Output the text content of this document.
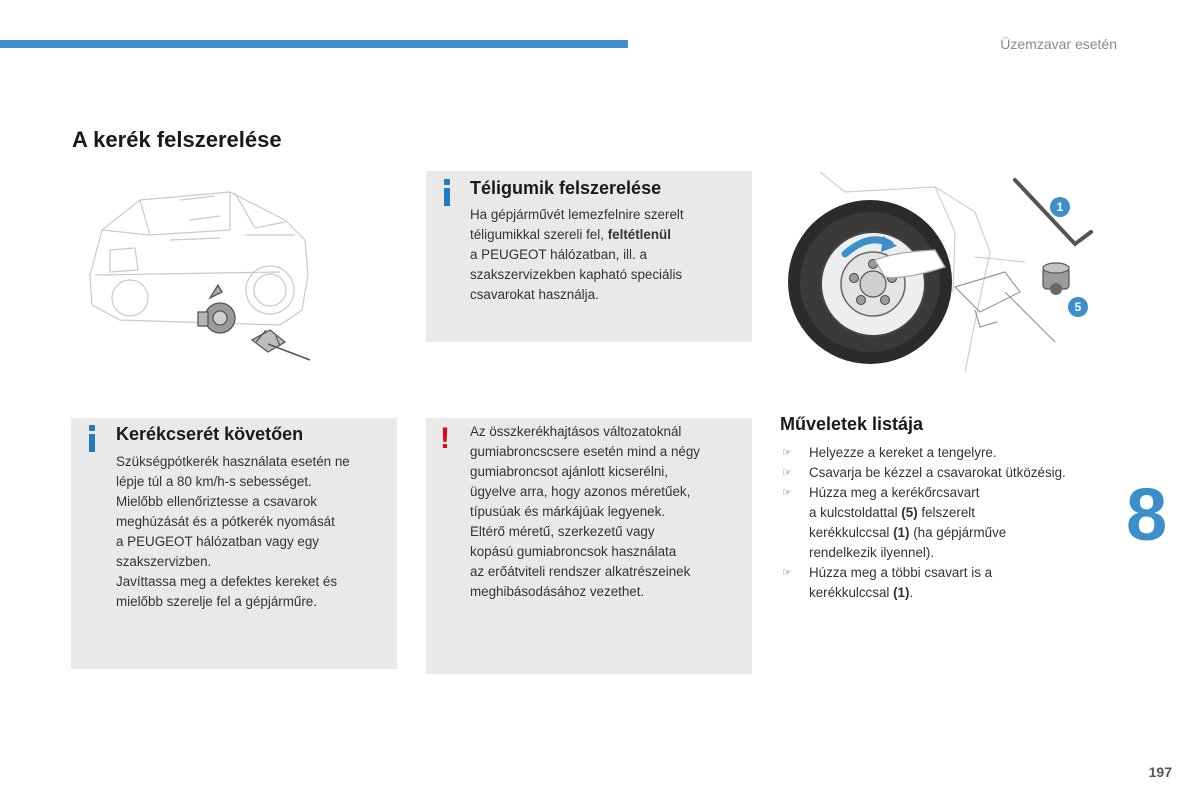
Üzemzavar esetén
A kerék felszerelése
Téligumik felszerelése

Ha gépjárművét lemezfelnire szerelt

téligumikkal szereli fel, feltétlenül

a PEUGEOT hálózatban, ill. a

szakszervizekben kapható speciális

csavarokat használja.

1
5
Kerékcserét követően

Szükségpótkerék használata esetén ne

lépje túl a 80 km/h-s sebességet.

Mielőbb ellenőriztesse a csavarok

meghúzását és a pótkerék nyomását

a PEUGEOT hálózatban vagy egy

szakszervizben.

Javíttassa meg a defektes kereket és

mielőbb szerelje fel a gépjárműre.

! Az összkerékhajtásos változatoknál

gumiabroncscsere esetén mind a négy

gumiabroncsot ajánlott kicserélni,

ügyelve arra, hogy azonos méretűek,

típusúak és márkájúak legyenek.

Eltérő méretű, szerkezetű vagy

kopású gumiabroncsok használata

az erőátviteli rendszer alkatrészeinek

meghibásodásához vezethet.

Műveletek listája
☞ Helyezze a kereket a tengelyre.
☞ Csavarja be kézzel a csavarokat ütközésig.
☞ Húzza meg a kerékőrcsavart
a kulcstoldattal (5) felszerelt
kerékkulccsal (1) (ha gépjárműve
rendelkezik ilyennel).
☞ Húzza meg a többi csavart is a
kerékkulccsal (1).
8
197
